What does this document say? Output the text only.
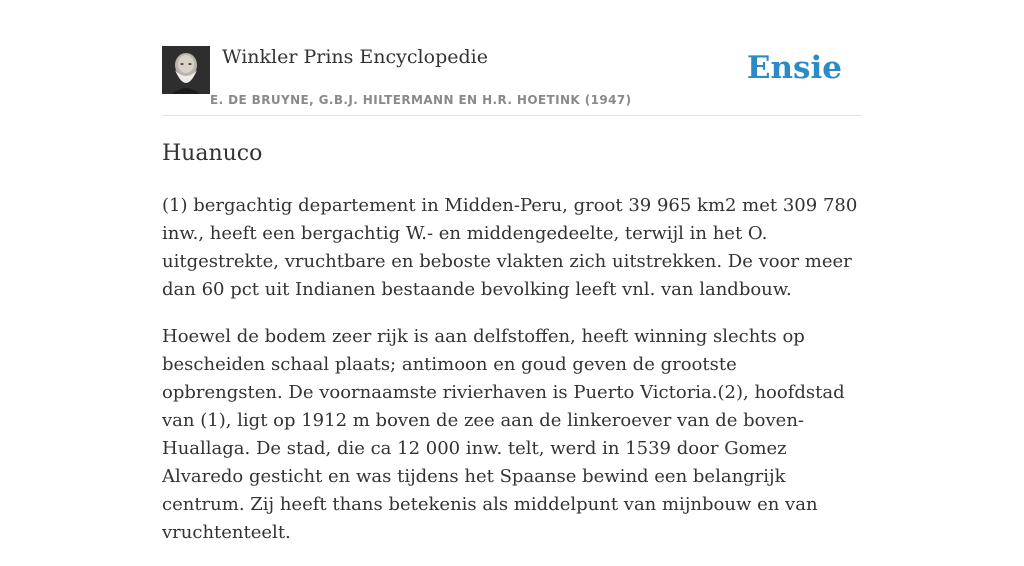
Winkler Prins Encyclopedie
E. DE BRUYNE, G.B.J. HILTERMANN EN H.R. HOETINK (1947)
Ensie
Huanuco

(1) bergachtig departement in Midden-Peru, groot 39 965 km2 met 309 780 inw., heeft een bergachtig W.- en middengedeelte, terwijl in het O. uitgestrekte, vruchtbare en beboste vlakten zich uitstrekken. De voor meer dan 60 pct uit Indianen bestaande bevolking leeft vnl. van landbouw.

Hoewel de bodem zeer rijk is aan delfstoffen, heeft winning slechts op bescheiden schaal plaats; antimoon en goud geven de grootste opbrengsten. De voornaamste rivierhaven is Puerto Victoria.(2), hoofdstad van (1), ligt op 1912 m boven de zee aan de linkeroever van de boven-Huallaga. De stad, die ca 12 000 inw. telt, werd in 1539 door Gomez Alvaredo gesticht en was tijdens het Spaanse bewind een belangrijk centrum. Zij heeft thans betekenis als middelpunt van mijnbouw en van vruchtenteelt.
